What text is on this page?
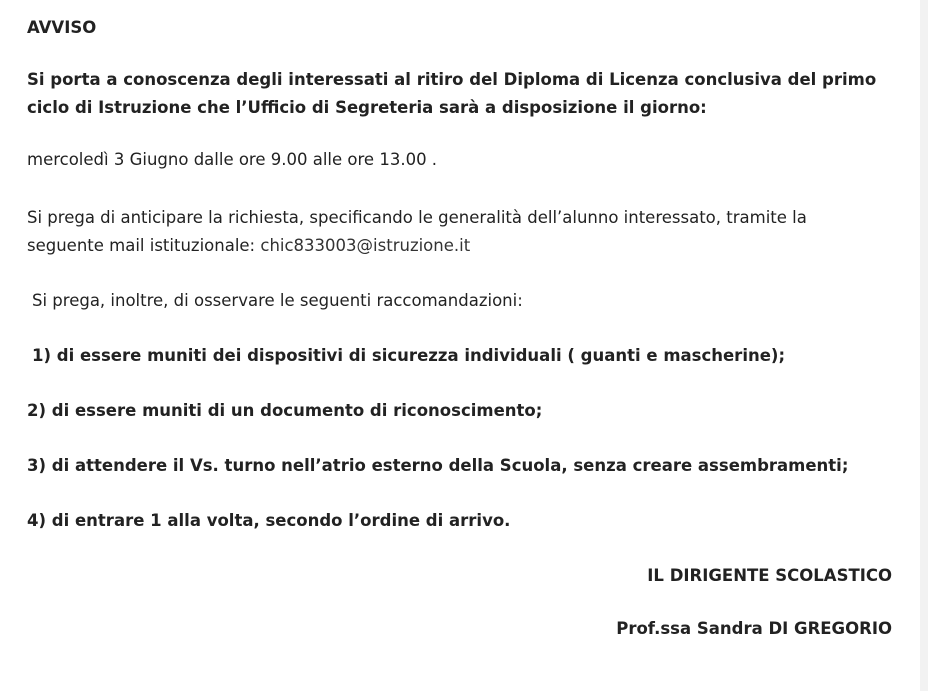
AVVISO

Si porta a conoscenza degli interessati al ritiro del Diploma di Licenza conclusiva del primo

ciclo di Istruzione che l’Ufficio di Segreteria sarà a disposizione il giorno:

mercoledì 3 Giugno dalle ore 9.00 alle ore 13.00 .

Si prega di anticipare la richiesta, specificando le generalità dell’alunno interessato, tramite la

seguente mail istituzionale: chic833003@istruzione.it

Si prega, inoltre, di osservare le seguenti raccomandazioni:

1) di essere muniti dei dispositivi di sicurezza individuali ( guanti e mascherine);

2) di essere muniti di un documento di riconoscimento;

3) di attendere il Vs. turno nell’atrio esterno della Scuola, senza creare assembramenti;

4) di entrare 1 alla volta, secondo l’ordine di arrivo.

IL DIRIGENTE SCOLASTICO

Prof.ssa Sandra DI GREGORIO
